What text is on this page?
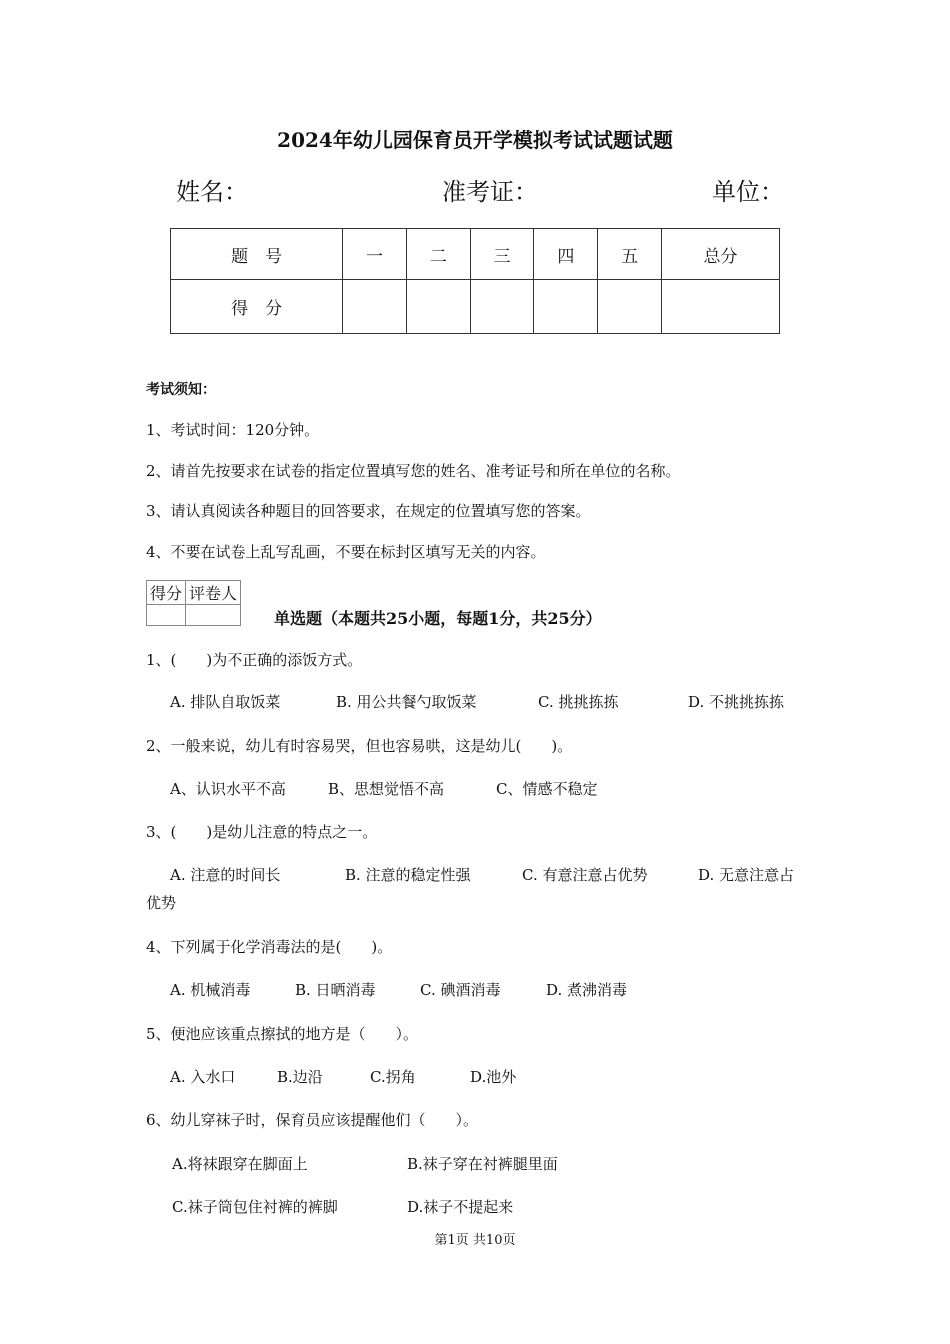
2024年幼儿园保育员开学模拟考试试题试题
姓名：	准考证：	单位：
题　号	一	二	三	四	五	总分
得　分						
考试须知：
1、考试时间：120分钟。
2、请首先按要求在试卷的指定位置填写您的姓名、准考证号和所在单位的名称。
3、请认真阅读各种题目的回答要求，在规定的位置填写您的答案。
4、不要在试卷上乱写乱画，不要在标封区填写无关的内容。
得分	评卷人

单选题（本题共25小题，每题1分，共25分）
1、(　　)为不正确的添饭方式。
A. 排队自取饭菜	B. 用公共餐勺取饭菜	C. 挑挑拣拣	D. 不挑挑拣拣
2、一般来说，幼儿有时容易哭，但也容易哄，这是幼儿(　　)。
A、认识水平不高	B、思想觉悟不高	C、情感不稳定
3、(　　)是幼儿注意的特点之一。
A. 注意的时间长	B. 注意的稳定性强	C. 有意注意占优势	D. 无意注意占
优势
4、下列属于化学消毒法的是(　　)。
A. 机械消毒	B. 日晒消毒	C. 碘酒消毒	D. 煮沸消毒
5、便池应该重点擦拭的地方是（　　）。
A. 入水口	B.边沿	C.拐角	D.池外
6、幼儿穿袜子时，保育员应该提醒他们（　　）。
A.将袜跟穿在脚面上	B.袜子穿在衬裤腿里面
C.袜子筒包住衬裤的裤脚	D.袜子不提起来
第1页 共10页
